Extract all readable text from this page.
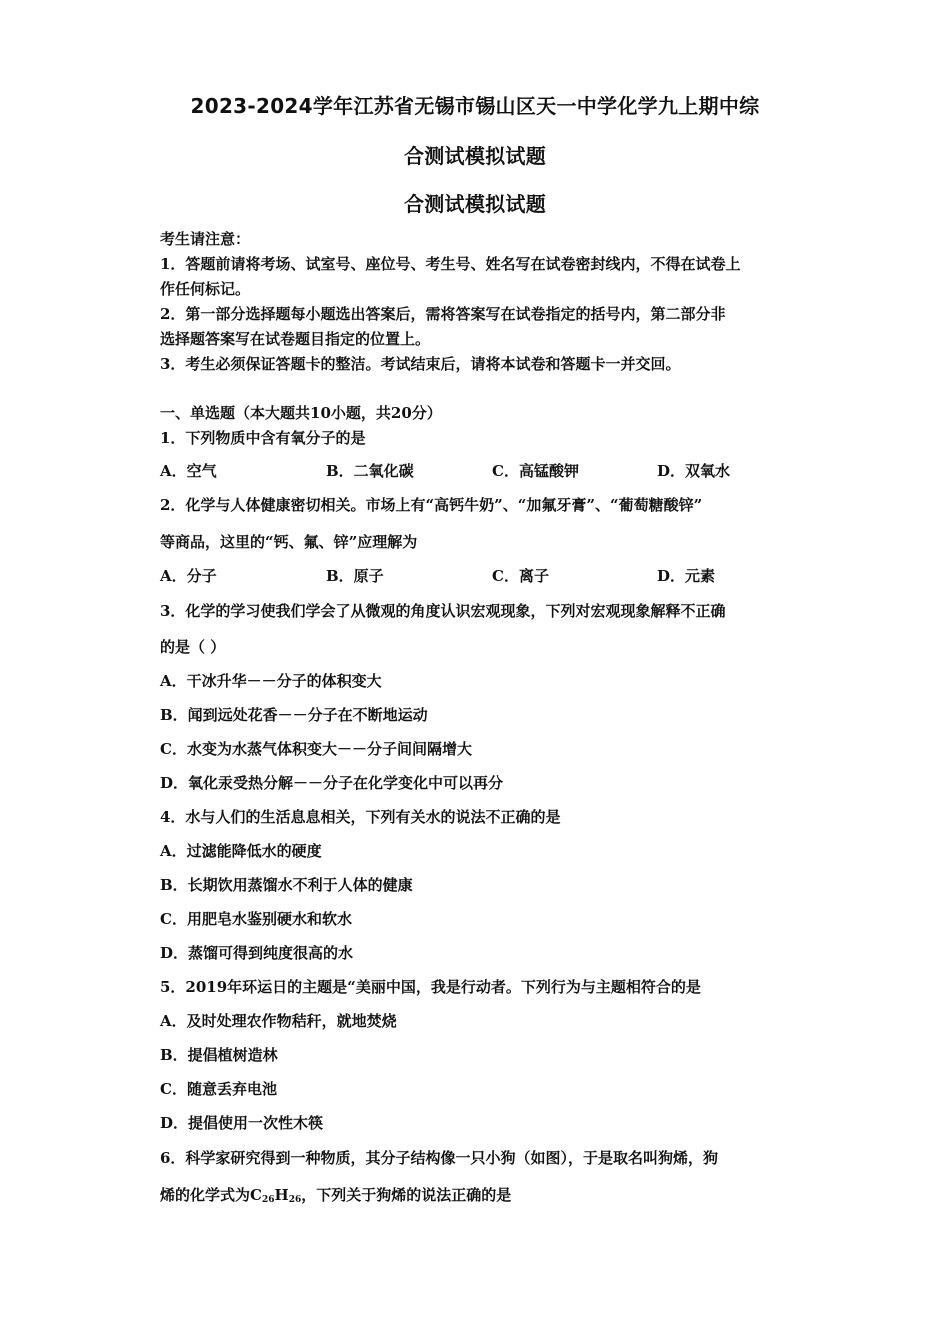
2023-2024学年江苏省无锡市锡山区天一中学化学九上期中综
合测试模拟试题
合测试模拟试题
考生请注意：
1．答题前请将考场、试室号、座位号、考生号、姓名写在试卷密封线内，不得在试卷上
作任何标记。
2．第一部分选择题每小题选出答案后，需将答案写在试卷指定的括号内，第二部分非
选择题答案写在试卷题目指定的位置上。
3．考生必须保证答题卡的整洁。考试结束后，请将本试卷和答题卡一并交回。
一、单选题（本大题共10小题，共20分）
1．下列物质中含有氧分子的是
A．空气	B．二氧化碳	C．高锰酸钾	D．双氧水
2．化学与人体健康密切相关。市场上有“高钙牛奶”、“加氟牙膏”、“葡萄糖酸锌”
等商品，这里的“钙、氟、锌”应理解为
A．分子	B．原子	C．离子	D．元素
3．化学的学习使我们学会了从微观的角度认识宏观现象，下列对宏观现象解释不正确
的是（ ）
A．干冰升华－－分子的体积变大
B．闻到远处花香－－分子在不断地运动
C．水变为水蒸气体积变大－－分子间间隔增大
D．氧化汞受热分解－－分子在化学变化中可以再分
4．水与人们的生活息息相关，下列有关水的说法不正确的是
A．过滤能降低水的硬度
B．长期饮用蒸馏水不利于人体的健康
C．用肥皂水鉴别硬水和软水
D．蒸馏可得到纯度很高的水
5．2019年环运日的主题是“美丽中国，我是行动者。下列行为与主题相符合的是
A．及时处理农作物秸秆，就地焚烧
B．提倡植树造林
C．随意丢弃电池
D．提倡使用一次性木筷
6．科学家研究得到一种物质，其分子结构像一只小狗（如图），于是取名叫狗烯，狗
烯的化学式为$C_{26}H_{26}$，下列关于狗烯的说法正确的是
